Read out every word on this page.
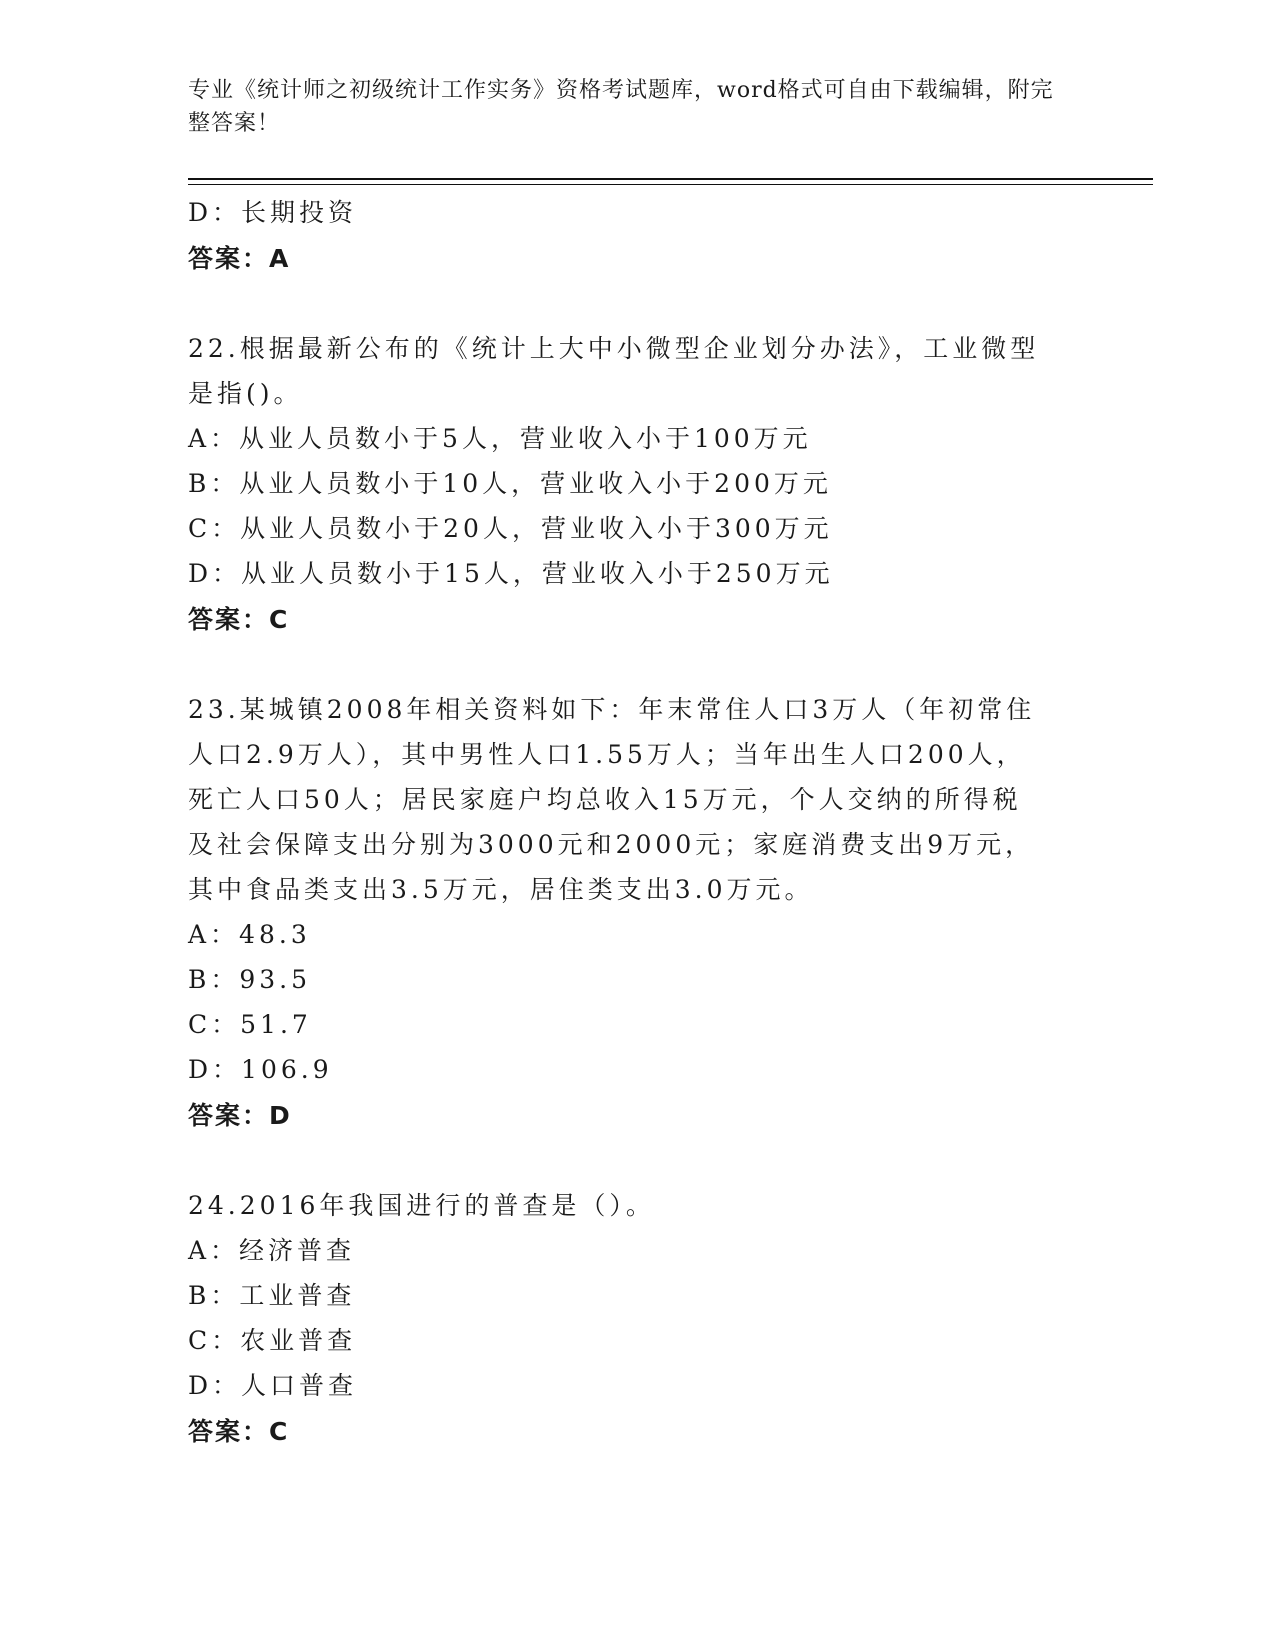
专业《统计师之初级统计工作实务》资格考试题库，word格式可自由下载编辑，附完整答案！
D：长期投资
答案：A
22.根据最新公布的《统计上大中小微型企业划分办法》，工业微型是指()。
A：从业人员数小于5人，营业收入小于100万元
B：从业人员数小于10人，营业收入小于200万元
C：从业人员数小于20人，营业收入小于300万元
D：从业人员数小于15人，营业收入小于250万元
答案：C
23.某城镇2008年相关资料如下：年末常住人口3万人（年初常住人口2.9万人），其中男性人口1.55万人；当年出生人口200人，死亡人口50人；居民家庭户均总收入15万元，个人交纳的所得税及社会保障支出分别为3000元和2000元；家庭消费支出9万元，其中食品类支出3.5万元，居住类支出3.0万元。
A：48.3
B：93.5
C：51.7
D：106.9
答案：D
24.2016年我国进行的普查是（）。
A：经济普查
B：工业普查
C：农业普查
D：人口普查
答案：C
